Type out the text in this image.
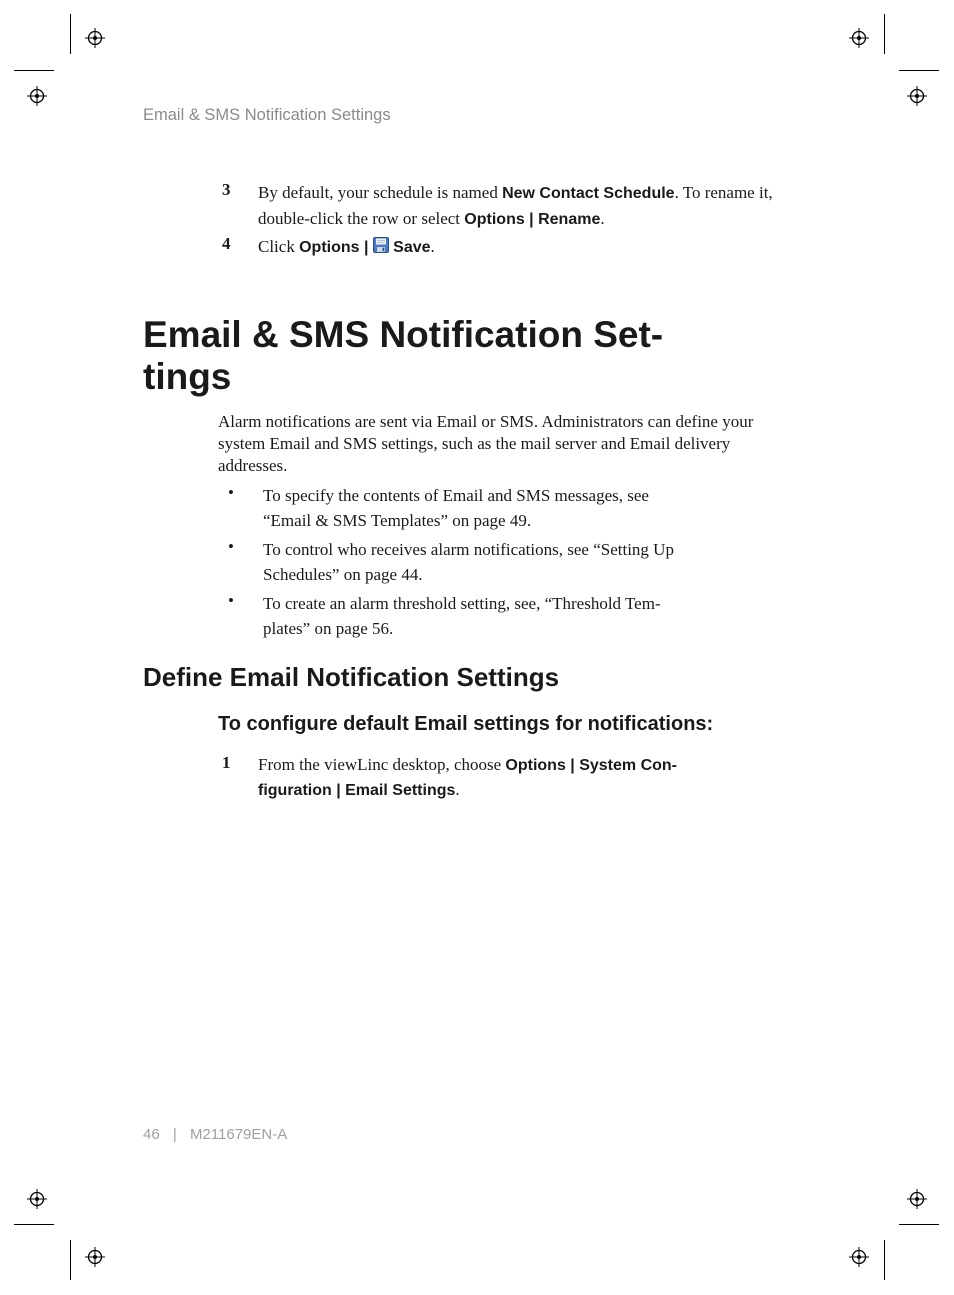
Email & SMS Notification Settings
3 By default, your schedule is named New Contact Schedule. To rename it, double-click the row or select Options | Rename.
4 Click Options |  Save.
Email & SMS Notification Set-
tings
Alarm notifications are sent via Email or SMS. Administrators can define your system Email and SMS settings, such as the mail server and Email delivery addresses.
• To specify the contents of Email and SMS messages, see
“Email & SMS Templates” on page 49.
• To control who receives alarm notifications, see “Setting Up
Schedules” on page 44.
• To create an alarm threshold setting, see, “Threshold Tem-
plates” on page 56.
Define Email Notification Settings
To configure default Email settings for notifications:
1 From the viewLinc desktop, choose Options | System Con-
figuration | Email Settings.
46 | M211679EN-A
